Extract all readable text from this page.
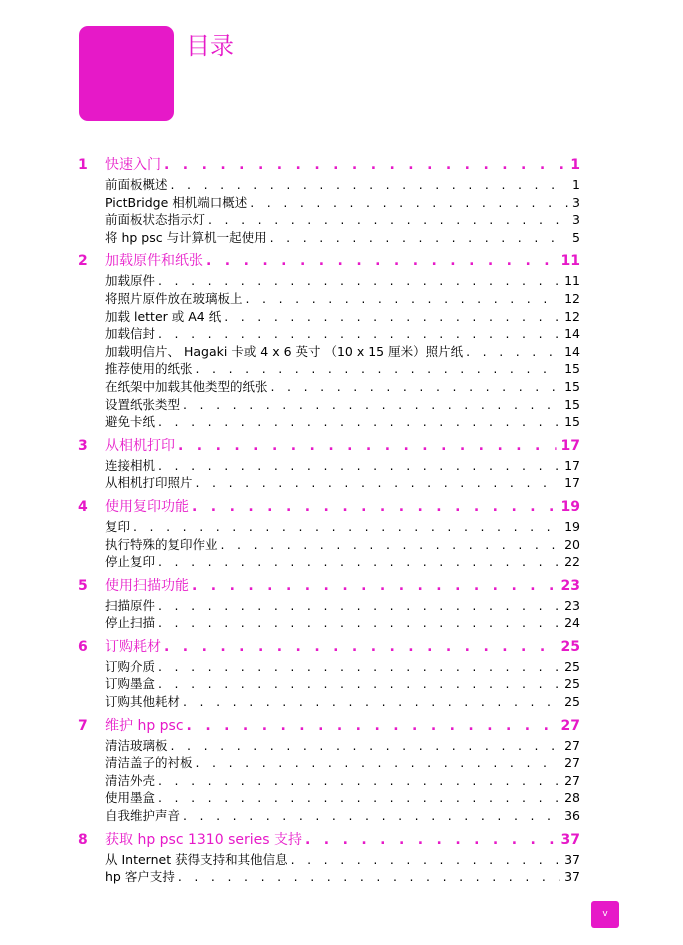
目录
1	快速入门 . . .	1
前面板概述 . . .	1
PictBridge 相机端口概述 . . .	3
前面板状态指示灯 . . .	3
将 hp psc 与计算机一起使用 . . .	5
2	加载原件和纸张 . . .	11
加载原件 . . .	11
将照片原件放在玻璃板上 . . .	12
加载 letter 或 A4 纸 . . .	12
加载信封 . . .	14
加载明信片、 Hagaki 卡或 4 x 6 英寸 （10 x 15 厘米）照片纸 . . .	14
推荐使用的纸张 . . .	15
在纸架中加载其他类型的纸张 . . .	15
设置纸张类型 . . .	15
避免卡纸 . . .	15
3	从相机打印 . . .	17
连接相机 . . .	17
从相机打印照片 . . .	17
4	使用复印功能 . . .	19
复印 . . .	19
执行特殊的复印作业 . . .	20
停止复印 . . .	22
5	使用扫描功能 . . .	23
扫描原件 . . .	23
停止扫描 . . .	24
6	订购耗材 . . .	25
订购介质 . . .	25
订购墨盒 . . .	25
订购其他耗材 . . .	25
7	维护 hp psc . . .	27
清洁玻璃板 . . .	27
清洁盖子的衬板 . . .	27
清洁外壳 . . .	27
使用墨盒 . . .	28
自我维护声音 . . .	36
8	获取 hp psc 1310 series 支持 . . .	37
从 Internet 获得支持和其他信息 . . .	37
hp 客户支持 . . .	37
v
